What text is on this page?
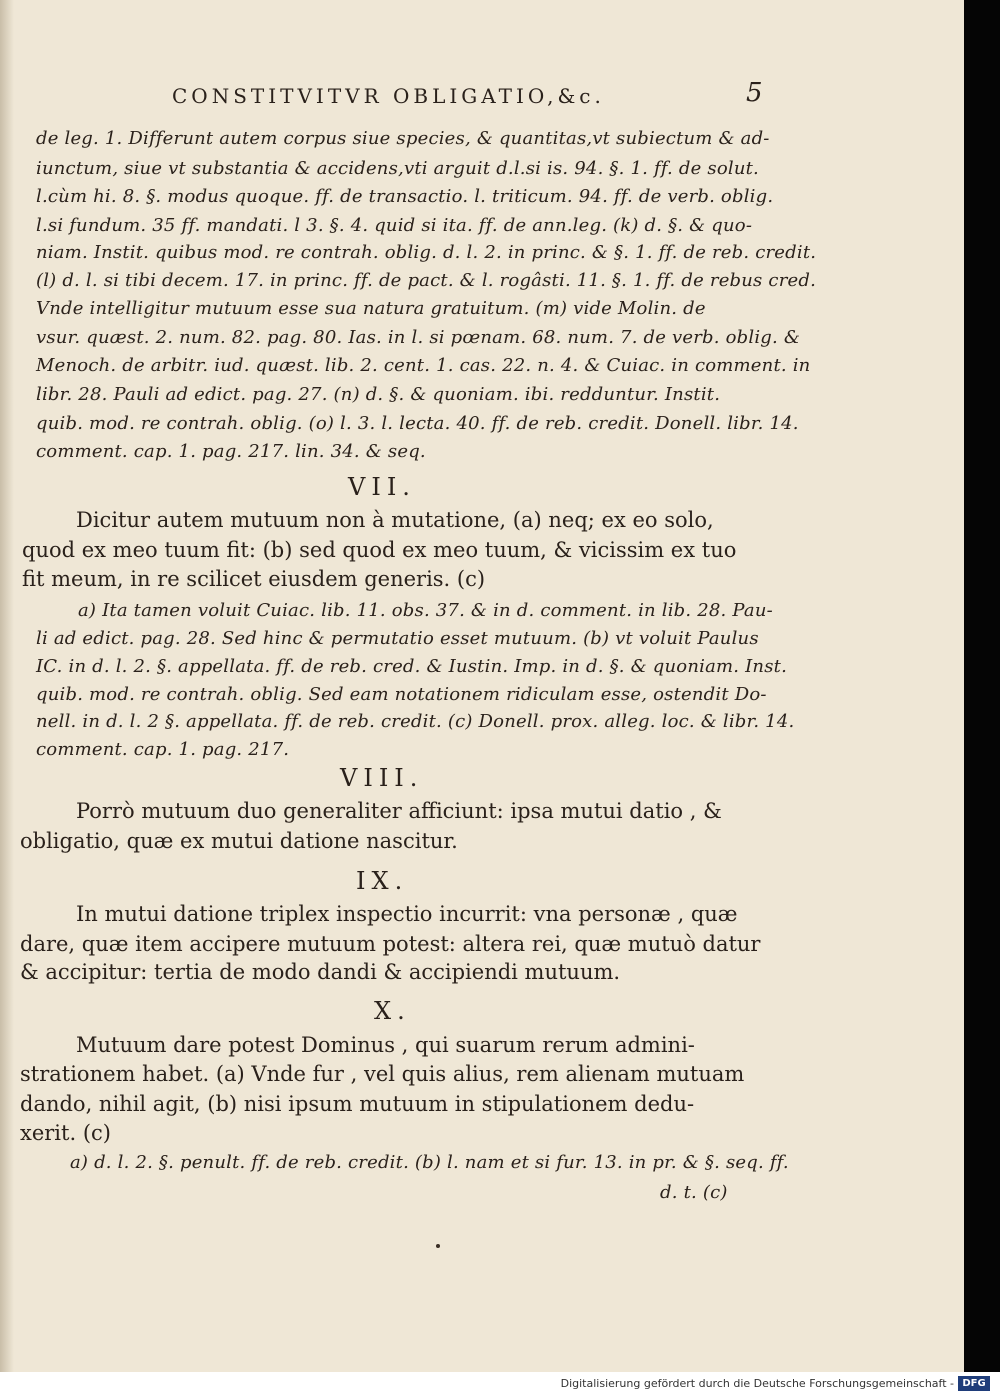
CONSTITVITVR OBLIGATIO,&c.	5
de leg. 1. Differunt autem corpus siue species, & quantitas,vt subiectum & ad-
iunctum, siue vt substantia & accidens,vti arguit d.l.si is. 94. §. 1. ff. de solut.
l.cùm hi. 8. §. modus quoque. ff. de transactio. l. triticum. 94. ff. de verb. oblig.
l.si fundum. 35 ff. mandati. l 3. §. 4. quid si ita. ff. de ann.leg. (k) d. §. & quo-
niam. Instit. quibus mod. re contrah. oblig. d. l. 2. in princ. & §. 1. ff. de reb. credit.
(l) d. l. si tibi decem. 17. in princ. ff. de pact. & l. rogâsti. 11. §. 1. ff. de rebus cred.
Vnde intelligitur mutuum esse sua natura gratuitum. (m) vide Molin. de
vsur. quæst. 2. num. 82. pag. 80. Ias. in l. si pœnam. 68. num. 7. de verb. oblig. &
Menoch. de arbitr. iud. quæst. lib. 2. cent. 1. cas. 22. n. 4. & Cuiac. in comment. in
libr. 28. Pauli ad edict. pag. 27. (n) d. §. & quoniam. ibi. redduntur. Instit.
quib. mod. re contrah. oblig. (o) l. 3. l. lecta. 40. ff. de reb. credit. Donell. libr. 14.
comment. cap. 1. pag. 217. lin. 34. & seq.
VII.
Dicitur autem mutuum non à mutatione, (a) neq; ex eo solo,
quod ex meo tuum fit: (b) sed quod ex meo tuum, & vicissim ex tuo
fit meum, in re scilicet eiusdem generis. (c)
a) Ita tamen voluit Cuiac. lib. 11. obs. 37. & in d. comment. in lib. 28. Pau-
li ad edict. pag. 28. Sed hinc & permutatio esset mutuum. (b) vt voluit Paulus
IC. in d. l. 2. §. appellata. ff. de reb. cred. & Iustin. Imp. in d. §. & quoniam. Inst.
quib. mod. re contrah. oblig. Sed eam notationem ridiculam esse, ostendit Do-
nell. in d. l. 2 §. appellata. ff. de reb. credit. (c) Donell. prox. alleg. loc. & libr. 14.
comment. cap. 1. pag. 217.
VIII.
Porrò mutuum duo generaliter afficiunt: ipsa mutui datio , &
obligatio, quæ ex mutui datione nascitur.
IX.
In mutui datione triplex inspectio incurrit: vna personæ , quæ
dare, quæ item accipere mutuum potest: altera rei, quæ mutuò datur
& accipitur: tertia de modo dandi & accipiendi mutuum.
X.
Mutuum dare potest Dominus , qui suarum rerum admini-
strationem habet. (a) Vnde fur , vel quis alius, rem alienam mutuam
dando, nihil agit, (b) nisi ipsum mutuum in stipulationem dedu-
xerit. (c)
a) d. l. 2. §. penult. ff. de reb. credit. (b) l. nam et si fur. 13. in pr. & §. seq. ff.
d. t. (c)
Digitalisierung gefördert durch die Deutsche Forschungsgemeinschaft - DFG
